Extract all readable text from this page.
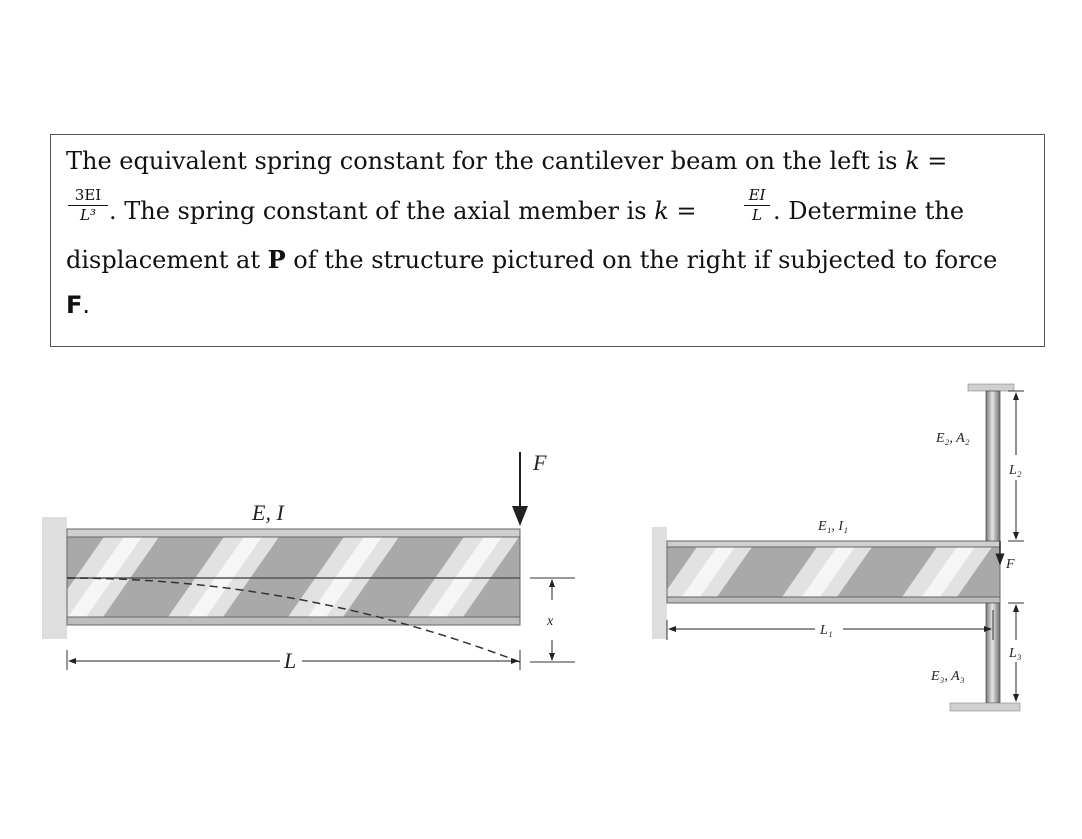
The equivalent spring constant for the cantilever beam on the left is k =
3EI
L³ . The spring constant of the axial member is k =
EI
L . Determine the
displacement at P of the structure pictured on the right if subjected to force
F.
F
E, I
x
L
E₁, I₁
E₂, A₂
E₃, A₃
F
L₂
L₃
L₁
